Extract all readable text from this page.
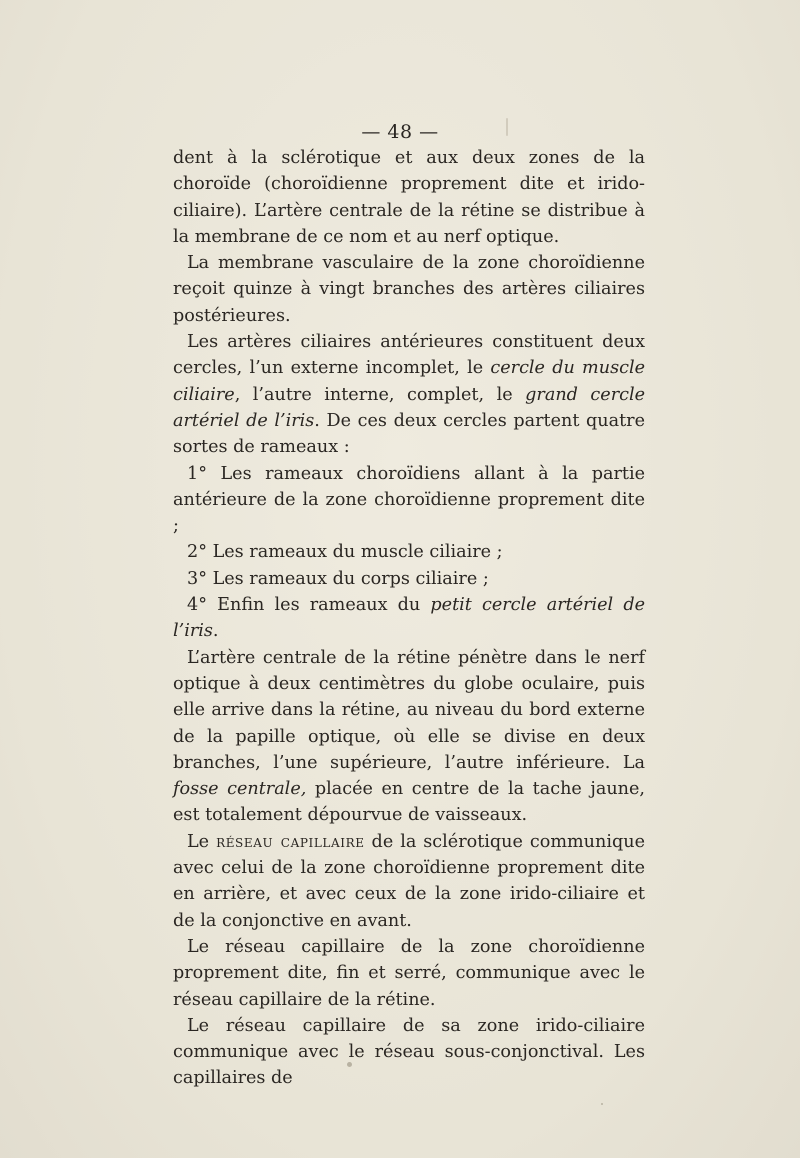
— 48 —

dent à la sclérotique et aux deux zones de la choroïde (choroïdienne proprement dite et irido-ciliaire). L’artère centrale de la rétine se distribue à la membrane de ce nom et au nerf optique.

La membrane vasculaire de la zone choroïdienne reçoit quinze à vingt branches des artères ciliaires postérieures.

Les artères ciliaires antérieures constituent deux cercles, l’un externe incomplet, le cercle du muscle ciliaire, l’autre interne, complet, le grand cercle artériel de l’iris. De ces deux cercles partent quatre sortes de rameaux :

1° Les rameaux choroïdiens allant à la partie antérieure de la zone choroïdienne proprement dite ;

2° Les rameaux du muscle ciliaire ;

3° Les rameaux du corps ciliaire ;

4° Enfin les rameaux du petit cercle artériel de l’iris.

L’artère centrale de la rétine pénètre dans le nerf optique à deux centimètres du globe oculaire, puis elle arrive dans la rétine, au niveau du bord externe de la papille optique, où elle se divise en deux branches, l’une supérieure, l’autre inférieure. La fosse centrale, placée en centre de la tache jaune, est totalement dépourvue de vaisseaux.

Le réseau capillaire de la sclérotique communique avec celui de la zone choroïdienne proprement dite en arrière, et avec ceux de la zone irido-ciliaire et de la conjonctive en avant.

Le réseau capillaire de la zone choroïdienne proprement dite, fin et serré, communique avec le réseau capillaire de la rétine.

Le réseau capillaire de sa zone irido-ciliaire communique avec le réseau sous-conjonctival. Les capillaires de
